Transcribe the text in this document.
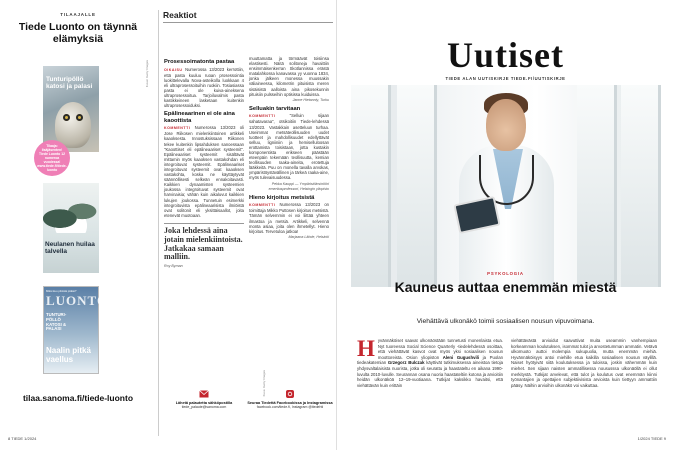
TILAAJALLE
Tiede Luonto on täynnä elämyksiä
tilaa.sanoma.fi/tiede-luonto
Tunturipöllö katosi ja palasi
Tilaaja: lisäjäsenten! Tiede Luonto 12 numeroa vuodessa! www.tiede.fi/tiede-luonto
Neulanen huilaa talvella
Miksi kuu pilvistä pitäisi?
LUONTO
TUNTURI-PÖLLÖ KATOSI & PALASI
Naalin pitkä vaellus
Kuvat: Getty Images
Reaktiot
Prosessoimatonta pastaa

OIKAISU Numerossa 13/2023 kerrottiin, että pasta kuuluu ruoan prosessointia luokittelevalla Nova-asteikolla luokkaan 4 eli ultraprosessoituihin ruokiin. Tosiasiassa pasta ei ole kuiva-aineksena ultraprosessoitua. Tarjoiluvalmis pasta kastikkeineen lasketaan kuitenkin ultraprosessoiduksi.

Epälineaarinen ei ole aina kaoottista

KOMMENTTI Numerossa 13/2023 oli Jose Riikosen mielenkiintoinen artikkeli kaaoksesta. Innostuksissaan Riikonen tekee kuitenkin lipsahduksen sanoessaan "Kaoottiset eli epälineaariset systeemit". Epälineaariset systeemit sisältävät mittamin myös kaaoksen vastakohdan eli integroituvat systeemit. Epälineaariset integroituvat systeemit ovat kaaoksen vastakohta, koska ne käyttäytyvät säännöllisesti selkeän ennakoitavasti. Kaikkien dynaamisten systeemien joukossa integroituvat systeemit ovat harvinaisia; vähän kuin aikaluvut kaikkien lukujen joukossa. Tunnetuin esimerkki integroituvista epälineaarisista ilmiöistä ovat solitonit eli yksittäisaallot, joita etenevät muotoaan.

Joka lehdessä aina jotain mielenkiintoista. Jatkakaa samaan malliin.
Roy Byman

muuttamatta ja törmäävät toisiinsa elastisesti. Näitä solitoneja havaittiin ensimmäisenkerran Skotlannissa erästä matalahkossa kanavassa yy vuonna 1834, jonka jälkeen monessa muussakin väliaineessa, kilometrin pituisista meren sisäisistä aalloista aina pikosekunnin pituisiin pulsseihin optisissa kuiduissa.

Janne Hietanniy, Turku
Selluakin tarvitaan

KOMMENTTI	"Selluin sijaan sahatavaraa", otsikoitiin Tiede-lehdessä 13/2023. Vastakkain asetteluun turhaa. Useimmat metsäteollisuuden uudet tuotteet ja mahdollisuudet edellyttävät selluu, ligniiniin ja hemiselluloosan erottamista toisistaan, jotta kustakin komponentista erikseen päästään eteenpäin tekemään teollisuutta, kemian teollisuuden raaka-aineita, erotettuja lääkkeitä. Puu on monella tavalla arvokas, ympäristöystävällinen ja tärkeä raaka-aine, myös tulevaisuudessa.

Pekka Kauppi — Ympäristöinsinööri emeritusprofessori, Helsingin yliopisto
Hieno kirjoitus metsistä

KOMMENTTI Numerossa 13/2023 on toimittaja Mikko Puttosen kirjoitus metsistä. Tämän selvemmin ei voi liittää yhteen ilmastoa ja metsiä. Artikkeli, selvennä monta asiaa, joita olen ihmetellyt. Hieno kirjoitus. Tervetuloa jatkoa!

Marjaana Lähde, Helsinki
Lähetä palautetta sähköpostilla
tiede_palaute@sanoma.com
Seuraa Tiedettä Facebookissa ja Instagramissa
facebook.com/tiede.fi, Instagram @tiedehti
Kuva: Getty Images
8 TIEDE 1/2024
Uutiset
TIEDE ALAN UUTISKIRJE TIEDE.FI/UUTISKIRJE
PSYKOLOGIA
Kauneus auttaa enemmän miestä
Viehättävä ulkonäkö toimii sosiaalisen nousun vipuvoimana.
H yvännäköiset saavat ulkonäöstään tunnetusti monenlaista etua. Nyt tuoreessa Social Science Quarterly -tiedelehdessä osoittaa, että viehättävät kasvot ovat myös yksi sosiaalisen nousun moottoreista. Osion yliopiston Aleni Gugushvili ja Puolan tiedeakatemian Grzegorz Bulczak käyttivät tutkimuksessa aineistoa tietoja yhdysvaltalaisista nuorista, jotka oli seurattu ja haastateltu en aikana 1990-luvulta 2010-luvulle. Seurannan osana nuoria haastateltiin kotona ja arvioitiin heidän ulkonäköä 12–19-vuotiaana. Tutkijat kaksikko havaitsi, että viehättävän kuin erittäin
viehättävästä arvioidut saavuttivat muita useammin vanhempiaan korkeamman koulutuksen, isommat tulot ja arvostetumman ammatin. Vetävä ulkomuoto auttoi molempia sukupuolia, mutta enemmän miehiä. Hyvännäköisyys antoi miehille etua kaikilla sosiaalisen nousun väylillä. Naiset hyötyivät siitä koulutuksessa ja tuloissa, joskin vähemmän kuin miehet. Sen sijaan naisten ammatillisessa noususssa ulkonäöllä ei ollut merkitystä. Tutkijat arvelevat, että tulot ja koulutus ovat enemmän kiinni työnantajien ja opettajien subjektiivisista arvioista kuin tiettyyn ammattiin pääsy. Näihin arvioihin ulkonäkö voi vaikuttaa.
1/2024 TIEDE 9
